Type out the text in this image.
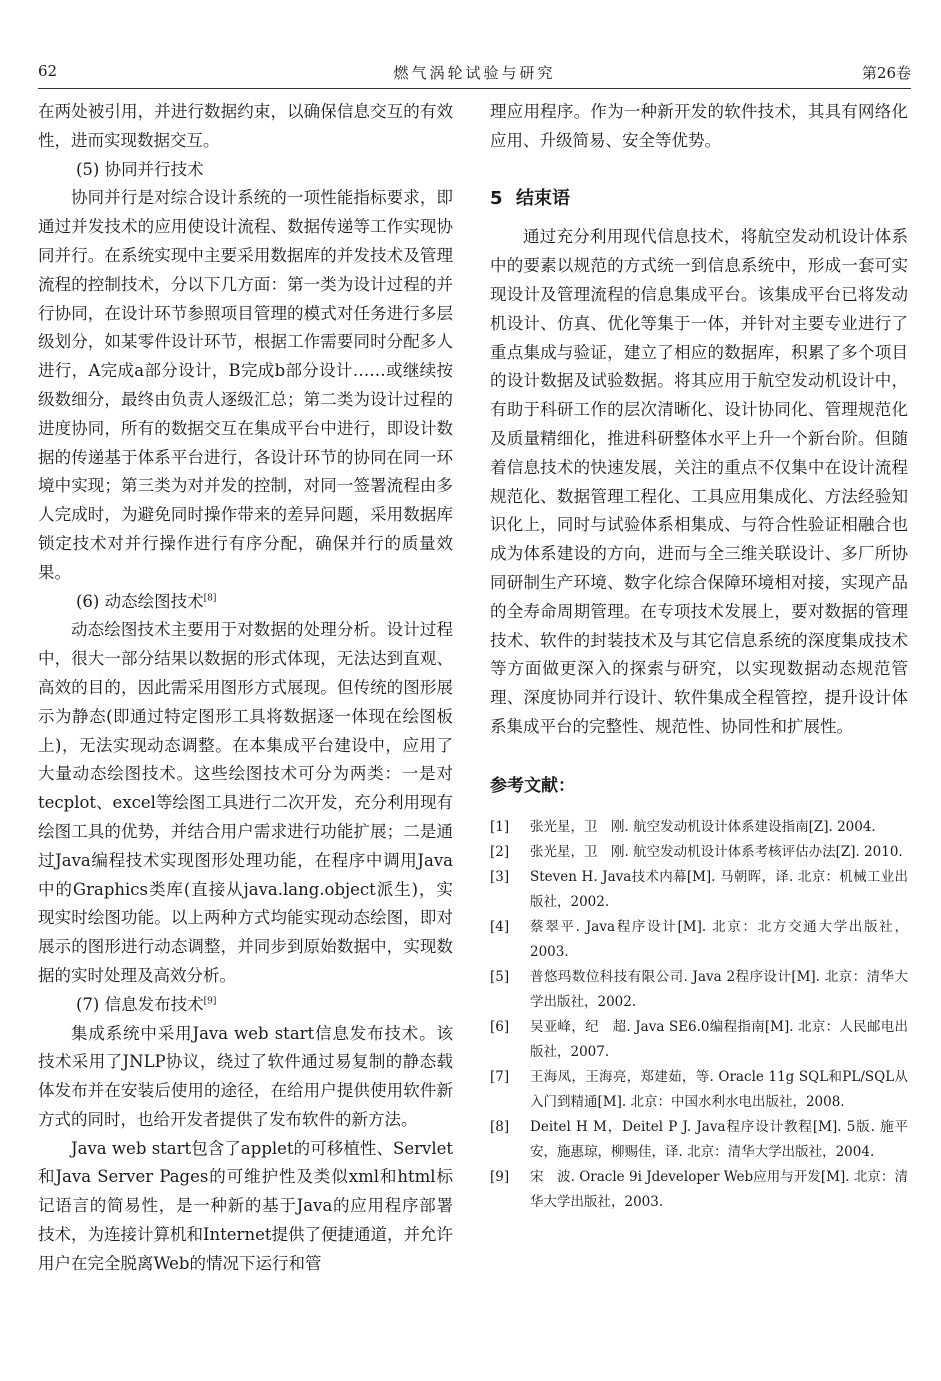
62	燃气涡轮试验与研究	第26卷

在两处被引用，并进行数据约束，以确保信息交互的有效性，进而实现数据交互。

(5) 协同并行技术

协同并行是对综合设计系统的一项性能指标要求，即通过并发技术的应用使设计流程、数据传递等工作实现协同并行。在系统实现中主要采用数据库的并发技术及管理流程的控制技术，分以下几方面：第一类为设计过程的并行协同，在设计环节参照项目管理的模式对任务进行多层级划分，如某零件设计环节，根据工作需要同时分配多人进行，A完成a部分设计，B完成b部分设计……或继续按级数细分，最终由负责人逐级汇总；第二类为设计过程的进度协同，所有的数据交互在集成平台中进行，即设计数据的传递基于体系平台进行，各设计环节的协同在同一环境中实现；第三类为对并发的控制，对同一签署流程由多人完成时，为避免同时操作带来的差异问题，采用数据库锁定技术对并行操作进行有序分配，确保并行的质量效果。

(6) 动态绘图技术[8]

动态绘图技术主要用于对数据的处理分析。设计过程中，很大一部分结果以数据的形式体现，无法达到直观、高效的目的，因此需采用图形方式展现。但传统的图形展示为静态(即通过特定图形工具将数据逐一体现在绘图板上)，无法实现动态调整。在本集成平台建设中，应用了大量动态绘图技术。这些绘图技术可分为两类：一是对tecplot、excel等绘图工具进行二次开发，充分利用现有绘图工具的优势，并结合用户需求进行功能扩展；二是通过Java编程技术实现图形处理功能，在程序中调用Java中的Graphics类库(直接从java.lang.object派生)，实现实时绘图功能。以上两种方式均能实现动态绘图，即对展示的图形进行动态调整，并同步到原始数据中，实现数据的实时处理及高效分析。

(7) 信息发布技术[9]

集成系统中采用Java web start信息发布技术。该技术采用了JNLP协议，绕过了软件通过易复制的静态载体发布并在安装后使用的途径，在给用户提供使用软件新方式的同时，也给开发者提供了发布软件的新方法。

Java web start包含了applet的可移植性、Servlet和Java Server Pages的可维护性及类似xml和html标记语言的简易性，是一种新的基于Java的应用程序部署技术，为连接计算机和Internet提供了便捷通道，并允许用户在完全脱离Web的情况下运行和管

理应用程序。作为一种新开发的软件技术，其具有网络化应用、升级简易、安全等优势。

5 结束语

通过充分利用现代信息技术，将航空发动机设计体系中的要素以规范的方式统一到信息系统中，形成一套可实现设计及管理流程的信息集成平台。该集成平台已将发动机设计、仿真、优化等集于一体，并针对主要专业进行了重点集成与验证，建立了相应的数据库，积累了多个项目的设计数据及试验数据。将其应用于航空发动机设计中，有助于科研工作的层次清晰化、设计协同化、管理规范化及质量精细化，推进科研整体水平上升一个新台阶。但随着信息技术的快速发展，关注的重点不仅集中在设计流程规范化、数据管理工程化、工具应用集成化、方法经验知识化上，同时与试验体系相集成、与符合性验证相融合也成为体系建设的方向，进而与全三维关联设计、多厂所协同研制生产环境、数字化综合保障环境相对接，实现产品的全寿命周期管理。在专项技术发展上，要对数据的管理技术、软件的封装技术及与其它信息系统的深度集成技术等方面做更深入的探索与研究，以实现数据动态规范管理、深度协同并行设计、软件集成全程管控，提升设计体系集成平台的完整性、规范性、协同性和扩展性。

参考文献：
[1] 张光星，卫　刚. 航空发动机设计体系建设指南[Z]. 2004.
[2] 张光星，卫　刚. 航空发动机设计体系考核评估办法[Z]. 2010.
[3] Steven H. Java技术内幕[M]. 马朝晖，译. 北京：机械工业出版社，2002.
[4] 蔡翠平. Java程序设计[M]. 北京：北方交通大学出版社，2003.
[5] 普悠玛数位科技有限公司. Java 2程序设计[M]. 北京：清华大学出版社，2002.
[6] 吴亚峰，纪　超. Java SE6.0编程指南[M]. 北京：人民邮电出版社，2007.
[7] 王海凤，王海亮，郑建茹，等. Oracle 11g SQL和PL/SQL从入门到精通[M]. 北京：中国水利水电出版社，2008.
[8] Deitel H M，Deitel P J. Java程序设计教程[M]. 5版. 施平安，施惠琼，柳赐佳，译. 北京：清华大学出版社，2004.
[9] 宋　波. Oracle 9i Jdeveloper Web应用与开发[M]. 北京：清华大学出版社，2003.
